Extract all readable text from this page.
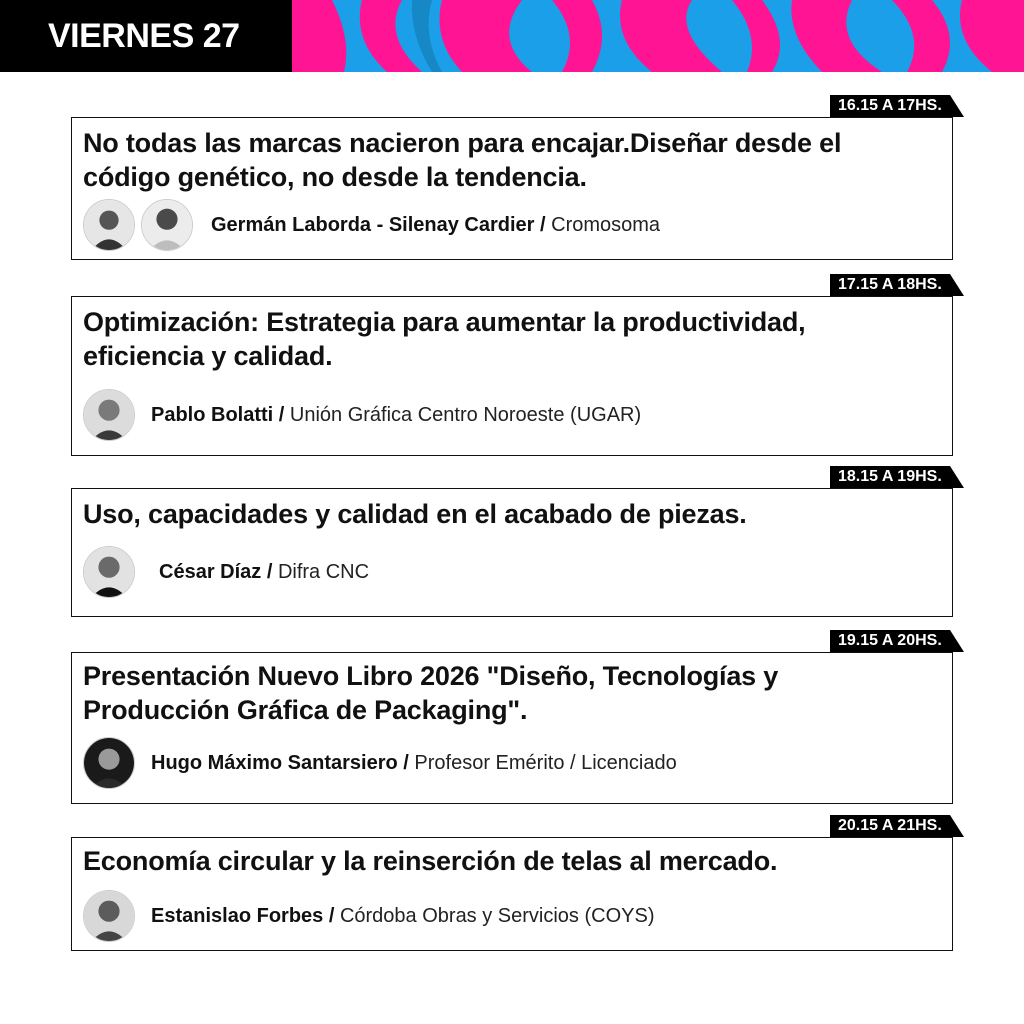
VIERNES 27
16.15 A 17HS.
No todas las marcas nacieron para encajar.Diseñar desde el
código genético, no desde la tendencia.
Germán Laborda - Silenay Cardier / Cromosoma
17.15 A 18HS.
Optimización: Estrategia para aumentar la productividad,
eficiencia y calidad.
Pablo Bolatti / Unión Gráfica Centro Noroeste (UGAR)
18.15 A 19HS.
Uso, capacidades y calidad en el acabado de piezas.
César Díaz / Difra CNC
19.15 A 20HS.
Presentación Nuevo Libro 2026 "Diseño, Tecnologías y
Producción Gráfica de Packaging".
Hugo Máximo Santarsiero / Profesor Emérito / Licenciado
20.15 A 21HS.
Economía circular y la reinserción de telas al mercado.
Estanislao Forbes / Córdoba Obras y Servicios (COYS)
